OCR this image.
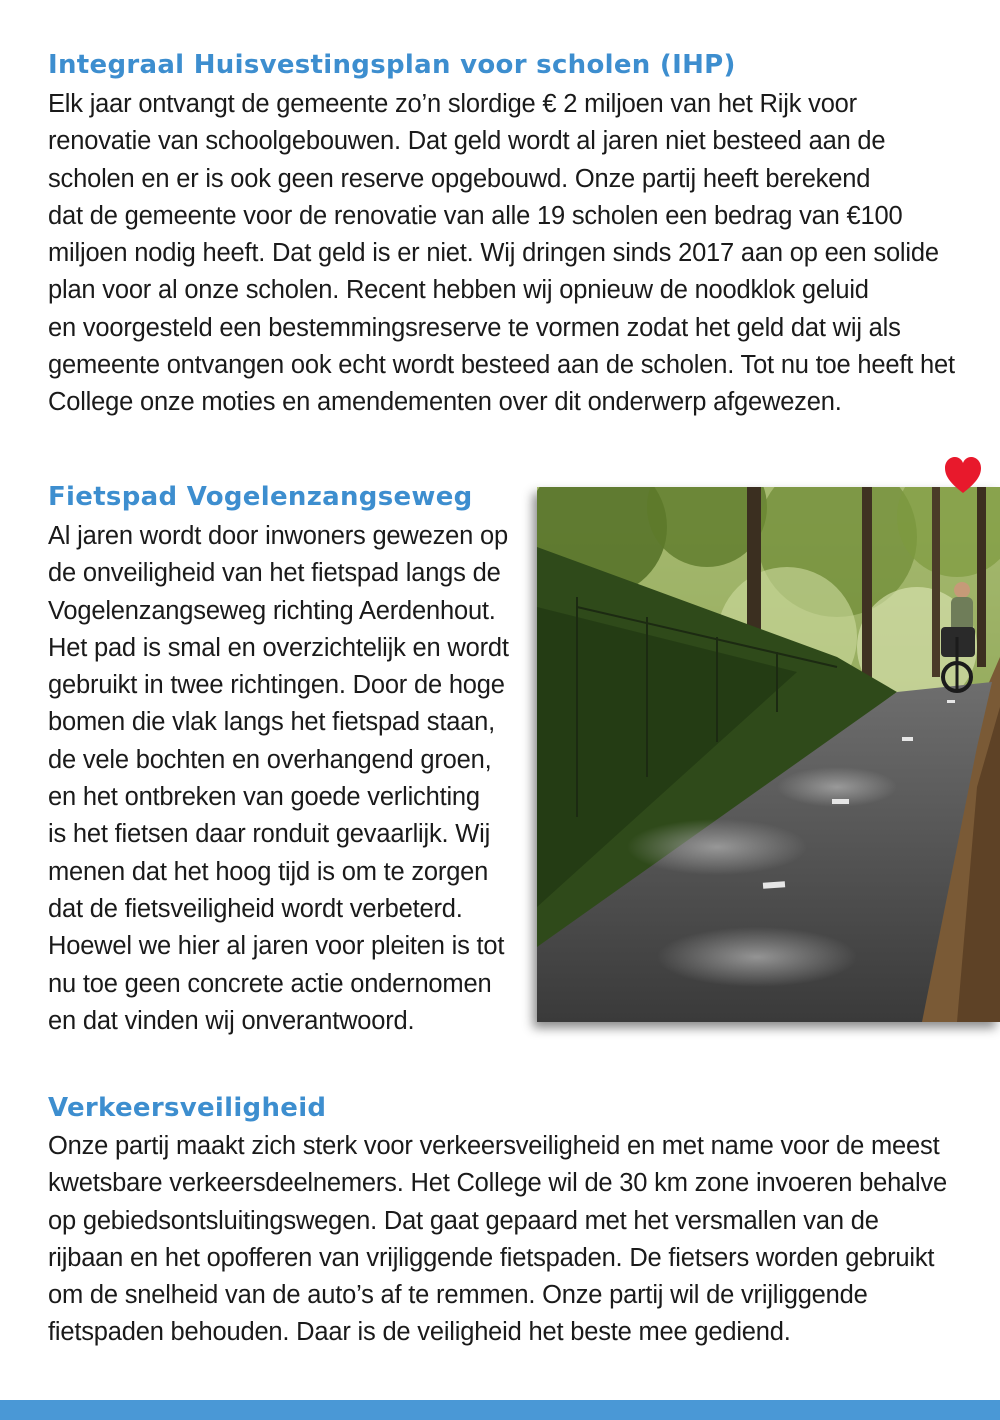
Integraal Huisvestingsplan voor scholen (IHP)
Elk jaar ontvangt de gemeente zo’n slordige € 2 miljoen van het Rijk voor
renovatie van schoolgebouwen. Dat geld wordt al jaren niet besteed aan de
scholen en er is ook geen reserve opgebouwd. Onze partij heeft berekend
dat de gemeente voor de renovatie van alle 19 scholen een bedrag van €100
miljoen nodig heeft. Dat geld is er niet. Wij dringen sinds 2017 aan op een solide
plan voor al onze scholen. Recent hebben wij opnieuw de noodklok geluid
en voorgesteld een bestemmingsreserve te vormen zodat het geld dat wij als
gemeente ontvangen ook echt wordt besteed aan de scholen. Tot nu toe heeft het
College onze moties en amendementen over dit onderwerp afgewezen.
Fietspad Vogelenzangseweg
Al jaren wordt door inwoners gewezen op
de onveiligheid van het fietspad langs de
Vogelenzangseweg richting Aerdenhout.
Het pad is smal en overzichtelijk en wordt
gebruikt in twee richtingen. Door de hoge
bomen die vlak langs het fietspad staan,
de vele bochten en overhangend groen,
en het ontbreken van goede verlichting
is het fietsen daar ronduit gevaarlijk. Wij
menen dat het hoog tijd is om te zorgen
dat de fietsveiligheid wordt verbeterd.
Hoewel we hier al jaren voor pleiten is tot
nu toe geen concrete actie ondernomen
en dat vinden wij onverantwoord.
Verkeersveiligheid
Onze partij maakt zich sterk voor verkeersveiligheid en met name voor de meest
kwetsbare verkeersdeelnemers. Het College wil de 30 km zone invoeren behalve
op gebiedsontsluitingswegen. Dat gaat gepaard met het versmallen van de
rijbaan en het opofferen van vrijliggende fietspaden. De fietsers worden gebruikt
om de snelheid van de auto’s af te remmen. Onze partij wil de vrijliggende
fietspaden behouden. Daar is de veiligheid het beste mee gediend.
